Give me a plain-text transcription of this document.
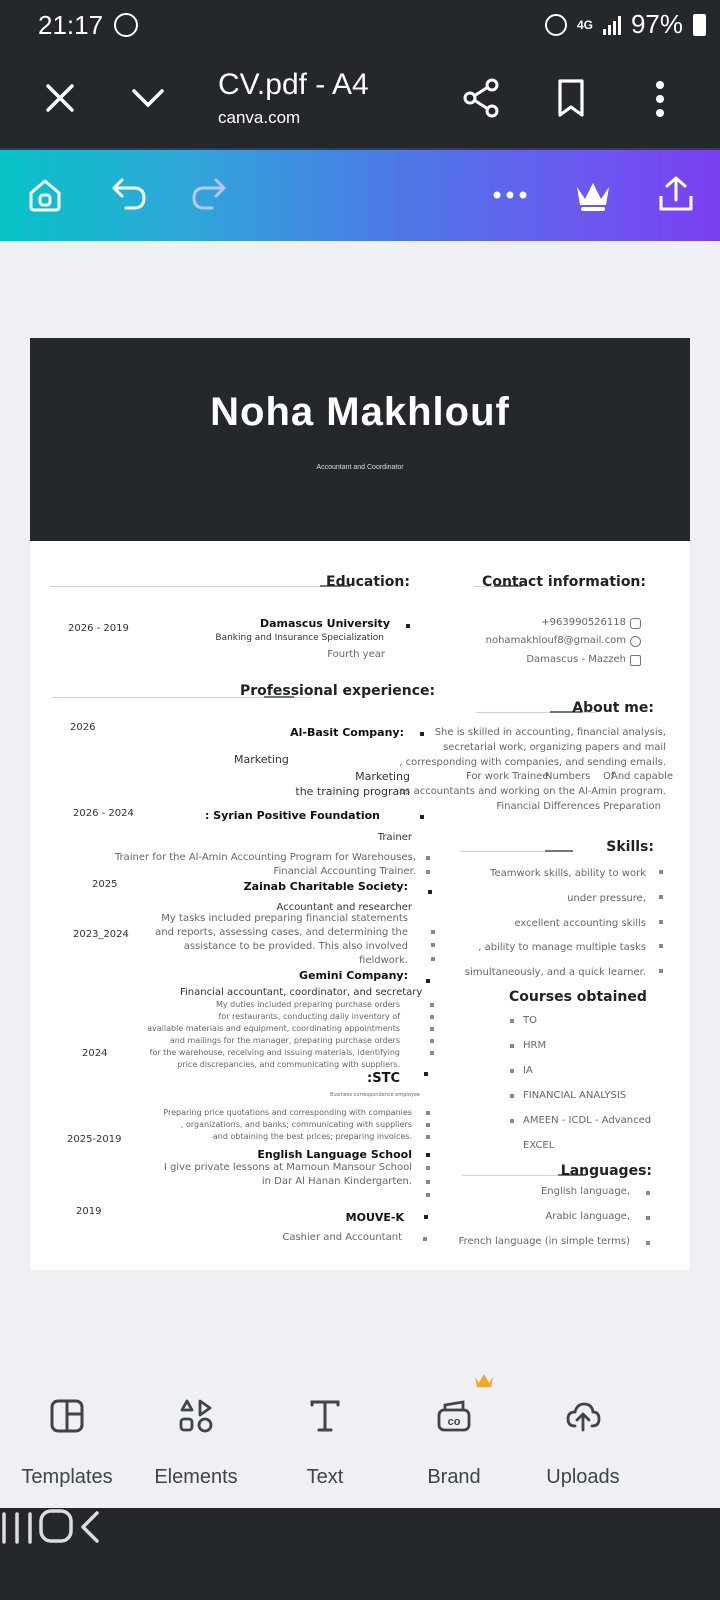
21:17	4G 97%
CV.pdf - A4
canva.com
Noha Makhlouf
Accountant and Coordinator
Education:
2026 - 2019	Damascus University
Banking and Insurance Specialization
Fourth year
Contact information:
+963990526118
nohamakhlouf8@gmail.com
Damascus - Mazzeh
Professional experience:
2026	Al-Basit Company:
Marketing
Marketing
the training program
2026 - 2024	: Syrian Positive Foundation
Trainer
Trainer for the Al-Amin Accounting Program for Warehouses,
Financial Accounting Trainer.
2025	Zainab Charitable Society:
Accountant and researcher
2023_2024
My tasks included preparing financial statements
and reports, assessing cases, and determining the
assistance to be provided. This also involved
fieldwork.
Gemini Company:
Financial accountant, coordinator, and secretary
My duties included preparing purchase orders
for restaurants, conducting daily inventory of
available materials and equipment, coordinating appointments
and mailings for the manager, preparing purchase orders
for the warehouse, receiving and issuing materials, identifying
price discrepancies, and communicating with suppliers.
2024
:STC
Business correspondence employee
Preparing price quotations and corresponding with companies
, organizations, and banks; communicating with suppliers
and obtaining the best prices; preparing invoices.
2025-2019
English Language School
I give private lessons at Mamoun Mansour School
in Dar Al Hanan Kindergarten.
2019	MOUVE-K
Cashier and Accountant
About me:
She is skilled in accounting, financial analysis,
secretarial work, organizing papers and mail
, corresponding with companies, and sending emails.
For work Trainee
Numbers Of
And capable
as accountants and working on the Al-Amin program.
Financial Differences Preparation
Skills:
Teamwork skills, ability to work
under pressure,
excellent accounting skills
, ability to manage multiple tasks
simultaneously, and a quick learner.
Courses obtained
TO
HRM
IA
FINANCIAL ANALYSIS
AMEEN - ICDL - Advanced
EXCEL
Languages:
English language,
Arabic language,
French language (in simple terms)
Templates	Elements	Text
co
Brand	Uploads
